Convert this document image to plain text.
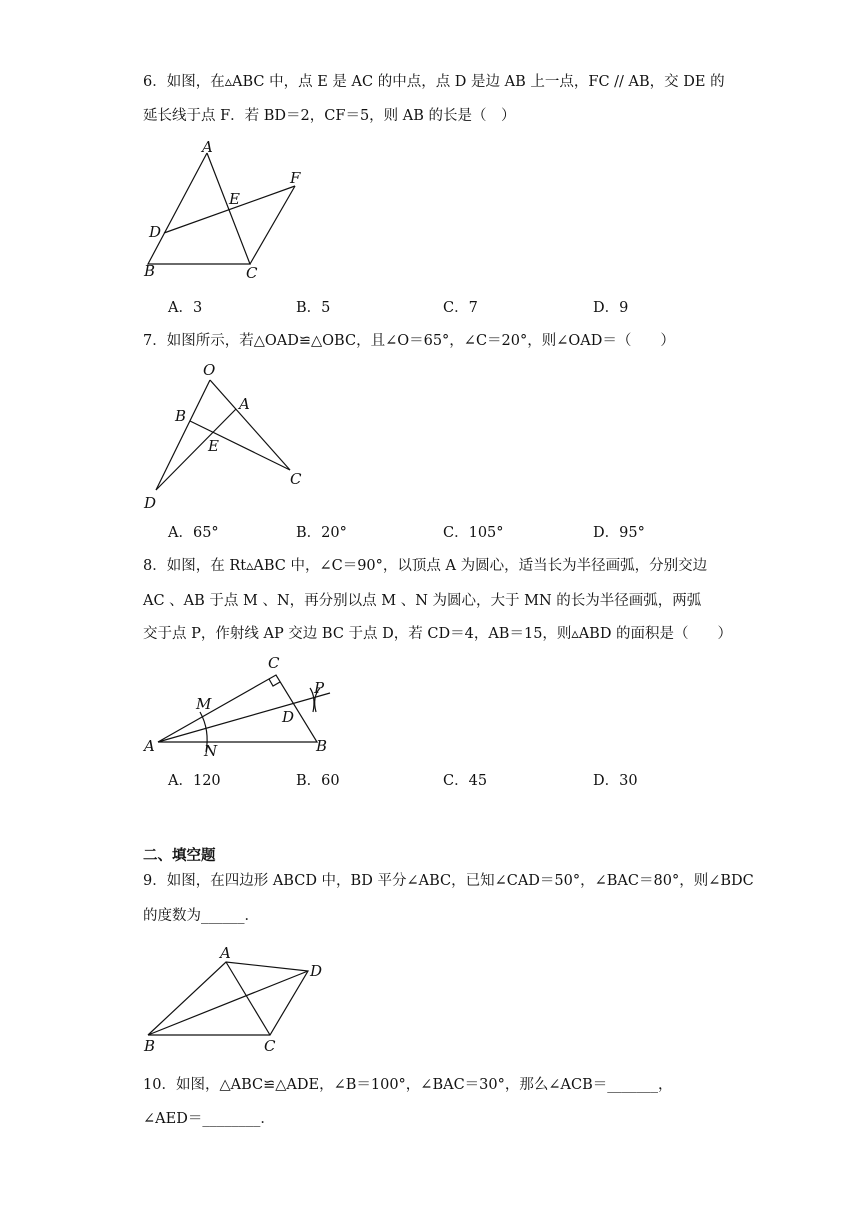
6．如图，在▵ABC 中，点 E 是 AC 的中点，点 D 是边 AB 上一点，FC // AB，交 DE 的
延长线于点 F．若 BD＝2，CF＝5，则 AB 的长是（　）
A
B	C
D
E
F
A．3	B．5	C．7	D．9
7．如图所示，若△OAD≌△OBC，且∠O＝65°，∠C＝20°，则∠OAD＝（　　）
O
A
B
E
C
D
A．65°	B．20°	C．105°	D．95°
8．如图，在 Rt▵ABC 中，∠C＝90°，以顶点 A 为圆心，适当长为半径画弧，分别交边
AC 、AB 于点 M 、N，再分别以点 M 、N 为圆心，大于 MN 的长为半径画弧，两弧
交于点 P，作射线 AP 交边 BC 于点 D，若 CD＝4，AB＝15，则▵ABD 的面积是（　　）
C
P
M
D
A	N	B
A．120	B．60	C．45	D．30
二、填空题
9．如图，在四边形 ABCD 中，BD 平分∠ABC，已知∠CAD＝50°，∠BAC＝80°，则∠BDC
的度数为______．
A
D
B	C
10．如图，△ABC≌△ADE，∠B＝100°，∠BAC＝30°，那么∠ACB＝_______，
∠AED＝________．
